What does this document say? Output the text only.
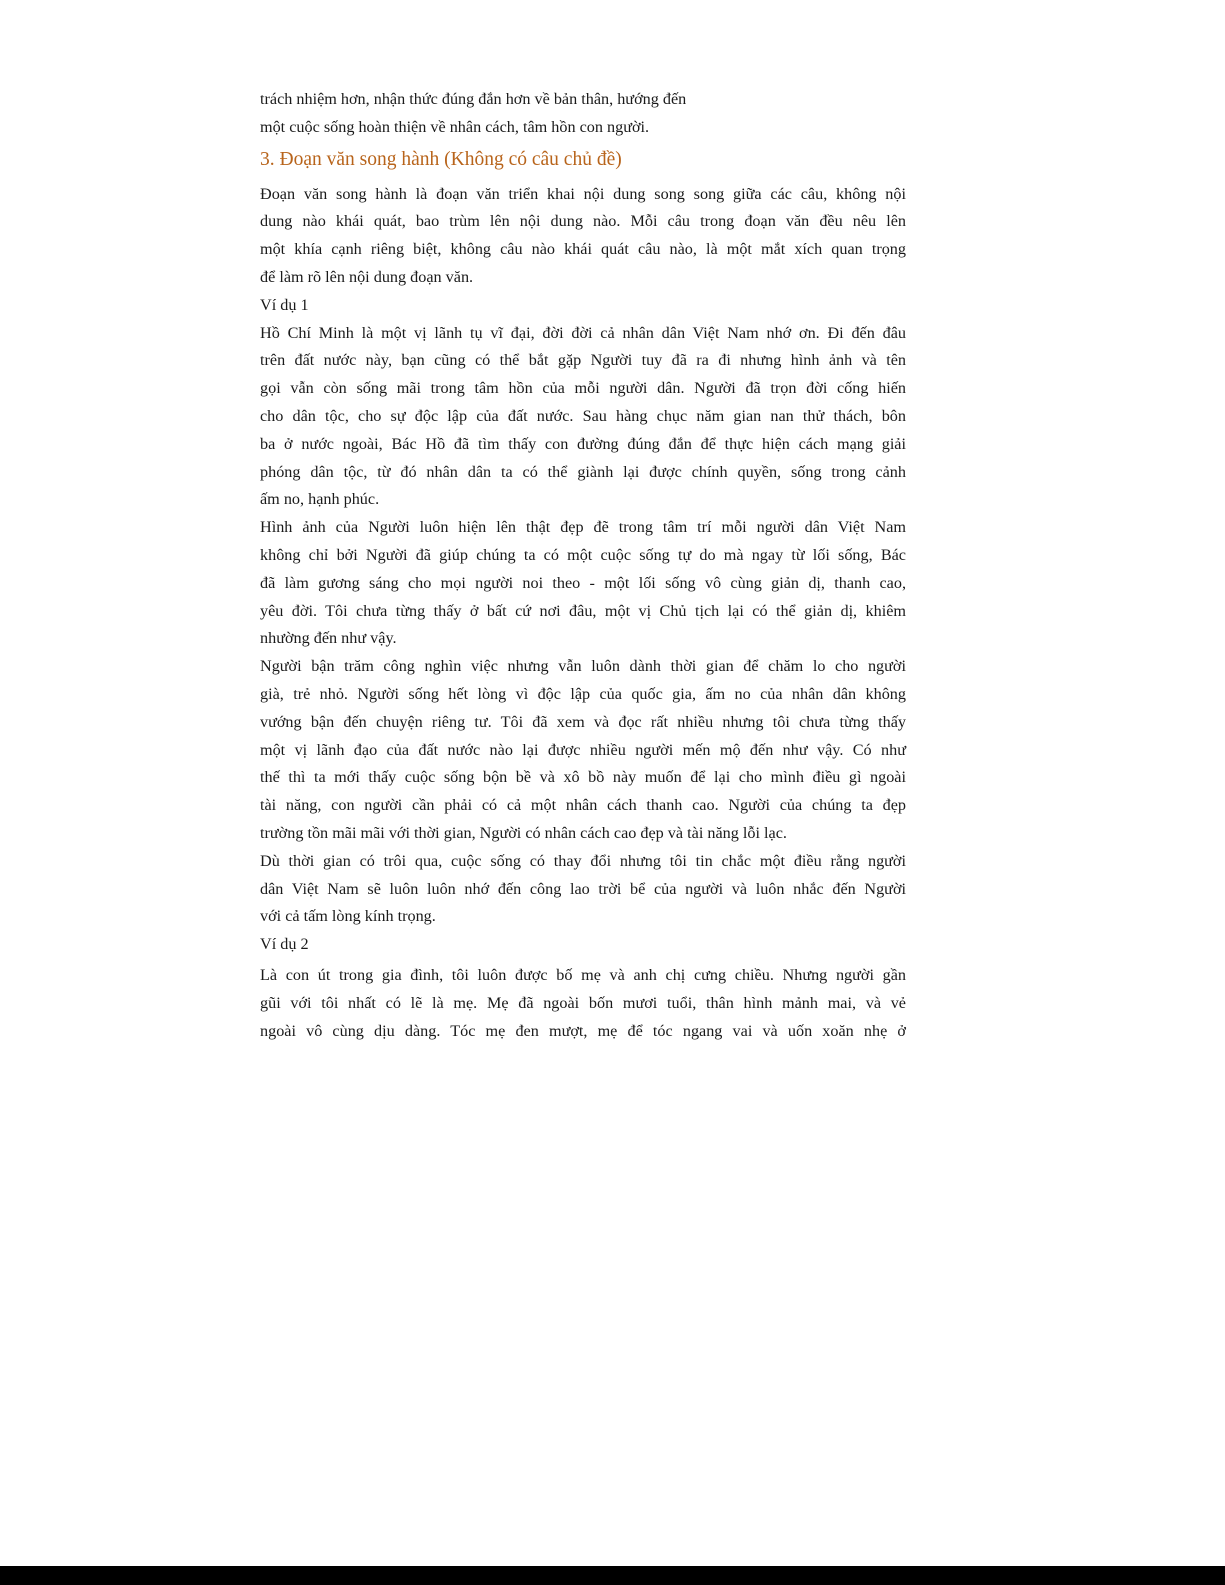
trách nhiệm hơn, nhận thức đúng đắn hơn về bản thân, hướng đến
một cuộc sống hoàn thiện về nhân cách, tâm hồn con người.
3. Đoạn văn song hành (Không có câu chủ đề)
Đoạn văn song hành là đoạn văn triển khai nội dung song song giữa các câu, không nội
dung nào khái quát, bao trùm lên nội dung nào. Mỗi câu trong đoạn văn đều nêu lên
một khía cạnh riêng biệt, không câu nào khái quát câu nào, là một mắt xích quan trọng
để làm rõ lên nội dung đoạn văn.
Ví dụ 1
Hồ Chí Minh là một vị lãnh tụ vĩ đại, đời đời cả nhân dân Việt Nam nhớ ơn. Đi đến đâu
trên đất nước này, bạn cũng có thể bắt gặp Người tuy đã ra đi nhưng hình ảnh và tên
gọi vẫn còn sống mãi trong tâm hồn của mỗi người dân. Người đã trọn đời cống hiến
cho dân tộc, cho sự độc lập của đất nước. Sau hàng chục năm gian nan thử thách, bôn
ba ở nước ngoài, Bác Hồ đã tìm thấy con đường đúng đắn để thực hiện cách mạng giải
phóng dân tộc, từ đó nhân dân ta có thể giành lại được chính quyền, sống trong cảnh
ấm no, hạnh phúc.
Hình ảnh của Người luôn hiện lên thật đẹp đẽ trong tâm trí mỗi người dân Việt Nam
không chỉ bởi Người đã giúp chúng ta có một cuộc sống tự do mà ngay từ lối sống, Bác
đã làm gương sáng cho mọi người noi theo - một lối sống vô cùng giản dị, thanh cao,
yêu đời. Tôi chưa từng thấy ở bất cứ nơi đâu, một vị Chủ tịch lại có thể giản dị, khiêm
nhường đến như vậy.
Người bận trăm công nghìn việc nhưng vẫn luôn dành thời gian để chăm lo cho người
già, trẻ nhỏ. Người sống hết lòng vì độc lập của quốc gia, ấm no của nhân dân không
vướng bận đến chuyện riêng tư. Tôi đã xem và đọc rất nhiều nhưng tôi chưa từng thấy
một vị lãnh đạo của đất nước nào lại được nhiều người mến mộ đến như vậy. Có như
thế thì ta mới thấy cuộc sống bộn bề và xô bồ này muốn để lại cho mình điều gì ngoài
tài năng, con người cần phải có cả một nhân cách thanh cao. Người của chúng ta đẹp
trường tồn mãi mãi với thời gian, Người có nhân cách cao đẹp và tài năng lỗi lạc.
Dù thời gian có trôi qua, cuộc sống có thay đổi nhưng tôi tin chắc một điều rằng người
dân Việt Nam sẽ luôn luôn nhớ đến công lao trời bể của người và luôn nhắc đến Người
với cả tấm lòng kính trọng.
Ví dụ 2
Là con út trong gia đình, tôi luôn được bố mẹ và anh chị cưng chiều. Nhưng người gần
gũi với tôi nhất có lẽ là mẹ. Mẹ đã ngoài bốn mươi tuổi, thân hình mảnh mai, và vẻ
ngoài vô cùng dịu dàng. Tóc mẹ đen mượt, mẹ để tóc ngang vai và uốn xoăn nhẹ ở
